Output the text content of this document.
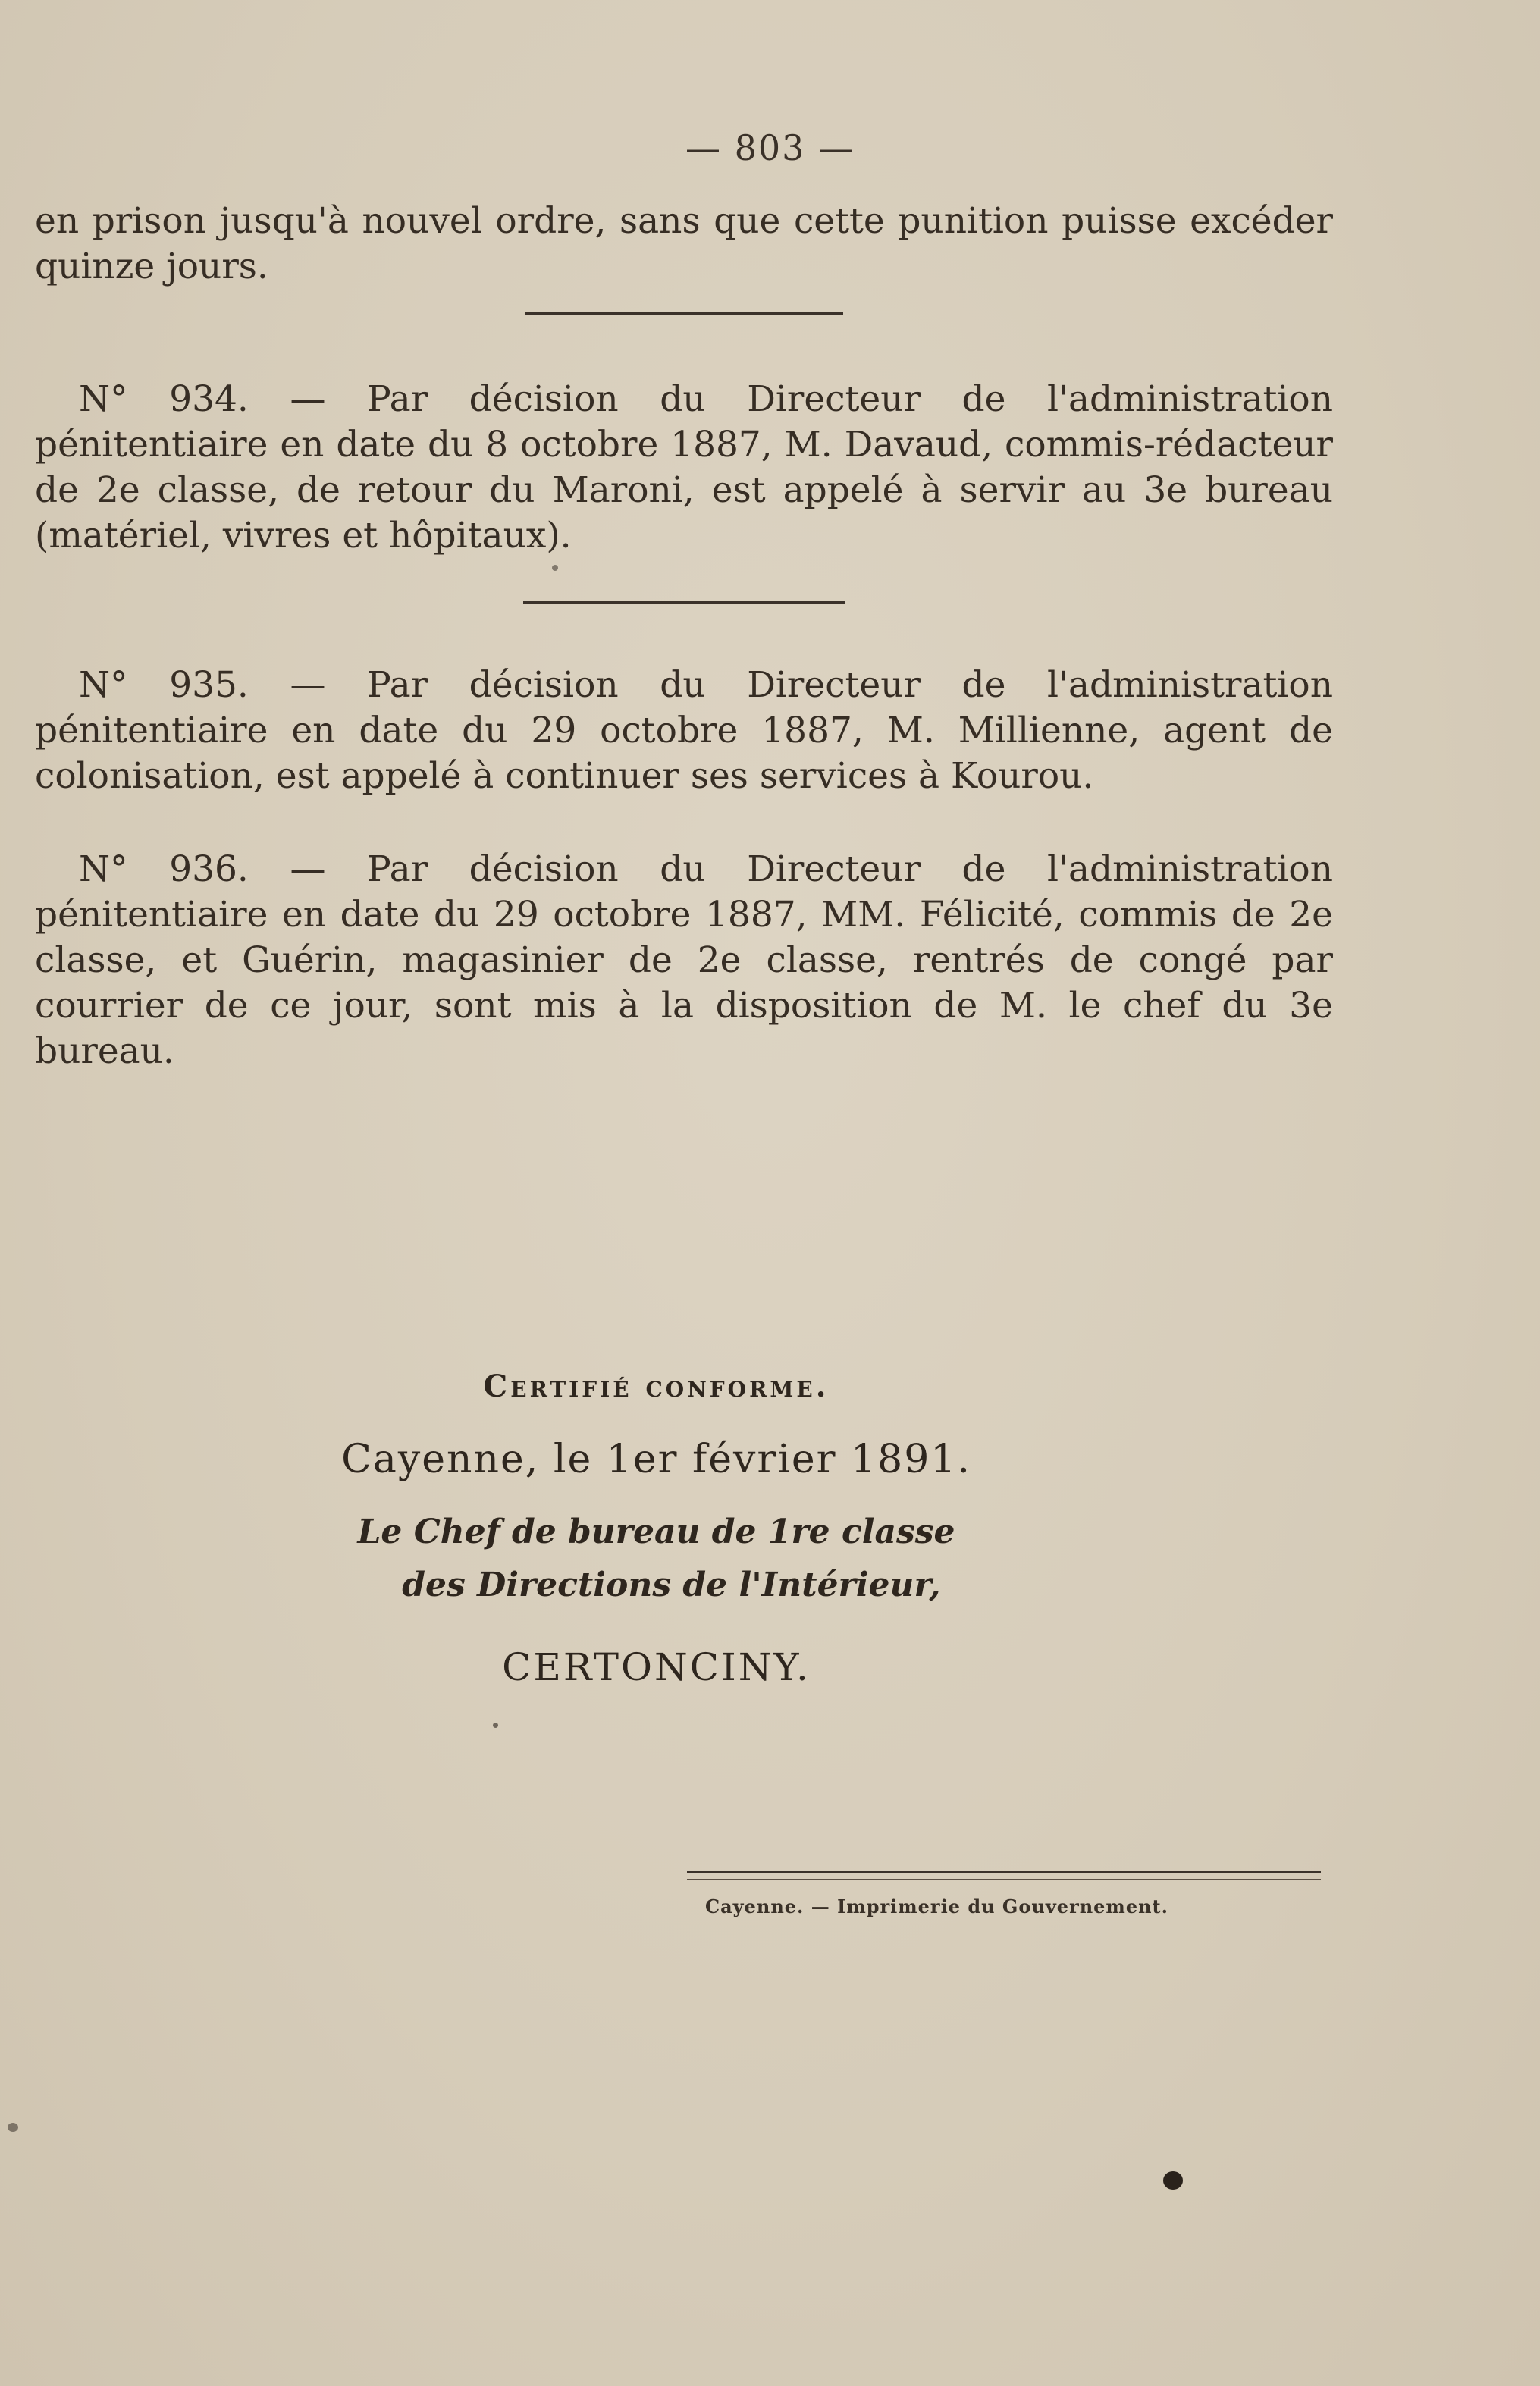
— 803 —

en prison jusqu'à nouvel ordre, sans que cette punition puisse excéder quinze jours.

N° 934. — Par décision du Directeur de l'administration pénitentiaire en date du 8 octobre 1887, M. Davaud, commis-rédacteur de 2e classe, de retour du Maroni, est appelé à servir au 3e bureau (matériel, vivres et hôpitaux).

N° 935. — Par décision du Directeur de l'administration pénitentiaire en date du 29 octobre 1887, M. Millienne, agent de colonisation, est appelé à continuer ses services à Kourou.

N° 936. — Par décision du Directeur de l'administration pénitentiaire en date du 29 octobre 1887, MM. Félicité, commis de 2e classe, et Guérin, magasinier de 2e classe, rentrés de congé par courrier de ce jour, sont mis à la disposition de M. le chef du 3e bureau.

Certifié conforme.
Cayenne, le 1er février 1891.
Le Chef de bureau de 1re classe
des Directions de l'Intérieur,
CERTONCINY.
Cayenne. — Imprimerie du Gouvernement.
